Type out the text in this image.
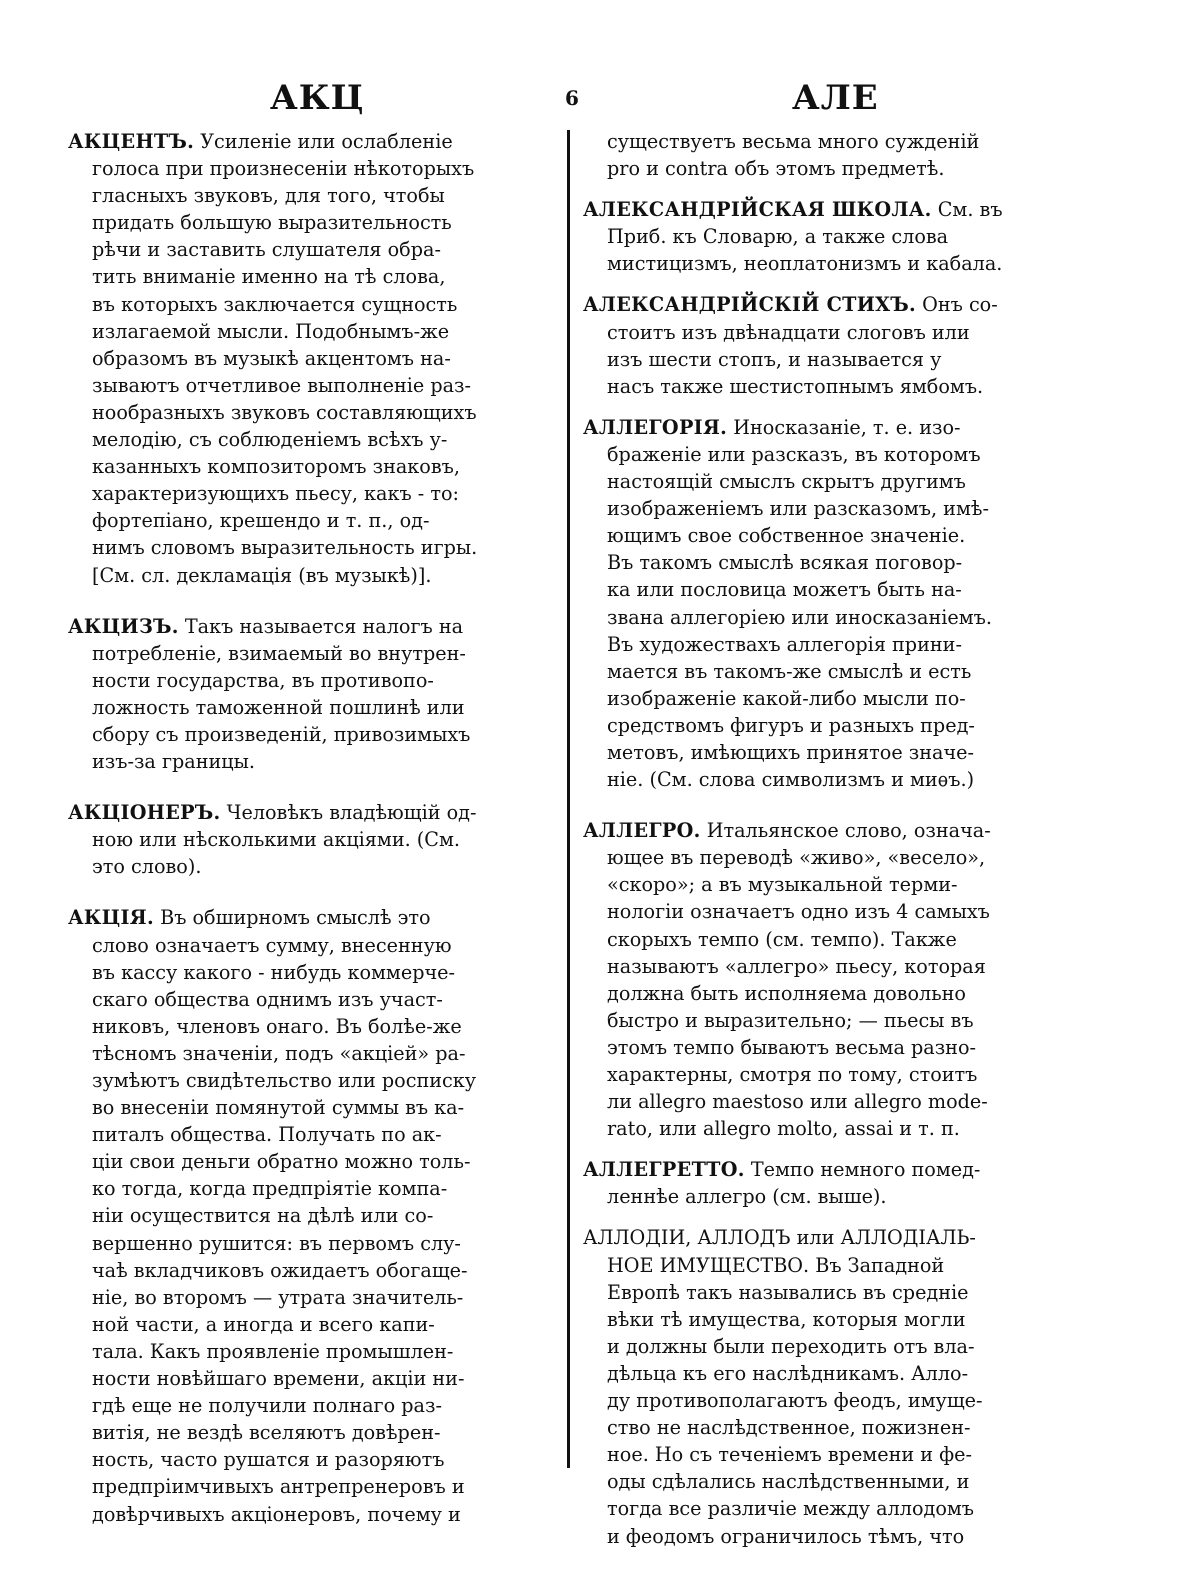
АКЦ	6	АЛЕ
АКЦЕНТЪ. Усиленіе или ослабленіе
голоса при произнесеніи нѣкоторыхъ
гласныхъ звуковъ, для того, чтобы
придать большую выразительность
рѣчи и заставить слушателя обра-
тить вниманіе именно на тѣ слова,
въ которыхъ заключается сущность
излагаемой мысли. Подобнымъ-же
образомъ въ музыкѣ акцентомъ на-
зываютъ отчетливое выполненіе раз-
нообразныхъ звуковъ составляющихъ
мелодію, съ соблюденіемъ всѣхъ у-
казанныхъ композиторомъ знаковъ,
характеризующихъ пьесу, какъ - то:
фортепіано, крешендо и т. п., од-
нимъ словомъ выразительность игры.
[См. сл. декламація (въ музыкѣ)].
АКЦИЗЪ. Такъ называется налогъ на
потребленіе, взимаемый во внутрен-
ности государства, въ противопо-
ложность таможенной пошлинѣ или
сбору съ произведеній, привозимыхъ
изъ-за границы.
АКЦІОНЕРЪ. Человѣкъ владѣющій од-
ною или нѣсколькими акціями. (См.
это слово).
АКЦІЯ. Въ обширномъ смыслѣ это
слово означаетъ сумму, внесенную
въ кассу какого - нибудь коммерче-
скаго общества однимъ изъ участ-
никовъ, членовъ онаго. Въ болѣе-же
тѣсномъ значеніи, подъ «акціей» ра-
зумѣютъ свидѣтельство или росписку
во внесеніи помянутой суммы въ ка-
питалъ общества. Получать по ак-
ціи свои деньги обратно можно толь-
ко тогда, когда предпріятіе компа-
ніи осуществится на дѣлѣ или со-
вершенно рушится: въ первомъ слу-
чаѣ вкладчиковъ ожидаетъ обогаще-
ніе, во второмъ — утрата значитель-
ной части, а иногда и всего капи-
тала. Какъ проявленіе промышлен-
ности новѣйшаго времени, акціи ни-
гдѣ еще не получили полнаго раз-
витія, не вездѣ вселяютъ довѣрен-
ность, часто рушатся и разоряютъ
предпріимчивыхъ антрепренеровъ и
довѣрчивыхъ акціонеровъ, почему и
существуетъ весьма много сужденій
pro и contra объ этомъ предметѣ.
АЛЕКСАНДРІЙСКАЯ ШКОЛА. См. въ
Приб. къ Словарю, а также слова
мистицизмъ, неоплатонизмъ и кабала.
АЛЕКСАНДРІЙСКІЙ СТИХЪ. Онъ со-
стоитъ изъ двѣнадцати слоговъ или
изъ шести стопъ, и называется у
насъ также шестистопнымъ ямбомъ.
АЛЛЕГОРІЯ. Иносказаніе, т. е. изо-
браженіе или разсказъ, въ которомъ
настоящій смыслъ скрытъ другимъ
изображеніемъ или разсказомъ, имѣ-
ющимъ свое собственное значеніе.
Въ такомъ смыслѣ всякая поговор-
ка или пословица можетъ быть на-
звана аллегоріею или иносказаніемъ.
Въ художествахъ аллегорія прини-
мается въ такомъ-же смыслѣ и есть
изображеніе какой-либо мысли по-
средствомъ фигуръ и разныхъ пред-
метовъ, имѣющихъ принятое значе-
ніе. (См. слова символизмъ и миѳъ.)
АЛЛЕГРО. Итальянское слово, означа-
ющее въ переводѣ «живо», «весело»,
«скоро»; а въ музыкальной терми-
нологіи означаетъ одно изъ 4 самыхъ
скорыхъ темпо (см. темпо). Также
называютъ «аллегро» пьесу, которая
должна быть исполняема довольно
быстро и выразительно; — пьесы въ
этомъ темпо бываютъ весьма разно-
характерны, смотря по тому, стоитъ
ли allegro maestoso или allegro mode-
rato, или allegro molto, assai и т. п.
АЛЛЕГРЕТТО. Темпо немного помед-
леннѣе аллегро (см. выше).
АЛЛОДІИ, АЛЛОДЪ или АЛЛОДІАЛЬ-
НОЕ ИМУЩЕСТВО. Въ Западной
Европѣ такъ назывались въ средніе
вѣки тѣ имущества, которыя могли
и должны были переходить отъ вла-
дѣльца къ его наслѣдникамъ. Алло-
ду противополагаютъ феодъ, имуще-
ство не наслѣдственное, пожизнен-
ное. Но съ теченіемъ времени и фе-
оды сдѣлались наслѣдственными, и
тогда все различіе между аллодомъ
и феодомъ ограничилось тѣмъ, что
